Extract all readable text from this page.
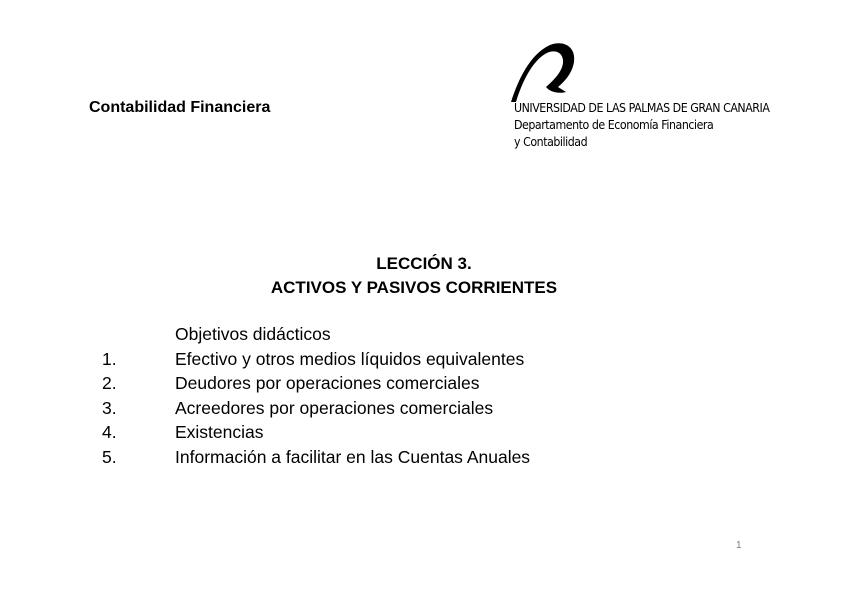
Contabilidad Financiera	UNIVERSIDAD DE LAS PALMAS DE GRAN CANARIA
Departamento de Economía Financiera
y Contabilidad
LECCIÓN 3.
ACTIVOS Y PASIVOS CORRIENTES
Objetivos didácticos
1.	Efectivo y otros medios líquidos equivalentes
2.	Deudores por operaciones comerciales
3.	Acreedores por operaciones comerciales
4.	Existencias
5.	Información a facilitar en las Cuentas Anuales
1
